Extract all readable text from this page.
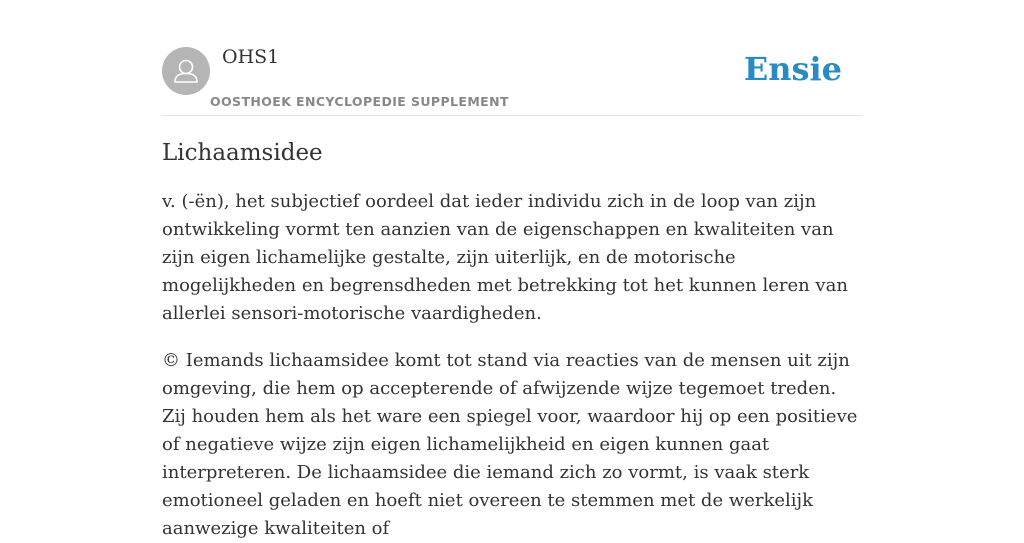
OHS1
OOSTHOEK ENCYCLOPEDIE SUPPLEMENT
Ensie
Lichaamsidee

v. (-ën), het subjectief oordeel dat ieder individu zich in de loop van zijn ontwikkeling vormt ten aanzien van de eigenschappen en kwaliteiten van zijn eigen lichamelijke gestalte, zijn uiterlijk, en de motorische mogelijkheden en begrensdheden met betrekking tot het kunnen leren van allerlei sensori-motorische vaardigheden.

© Iemands lichaamsidee komt tot stand via reacties van de mensen uit zijn omgeving, die hem op accepterende of afwijzende wijze tegemoet treden. Zij houden hem als het ware een spiegel voor, waardoor hij op een positieve of negatieve wijze zijn eigen lichamelijkheid en eigen kunnen gaat interpreteren. De lichaamsidee die iemand zich zo vormt, is vaak sterk emotioneel geladen en hoeft niet overeen te stemmen met de werkelijk aanwezige kwaliteiten of
